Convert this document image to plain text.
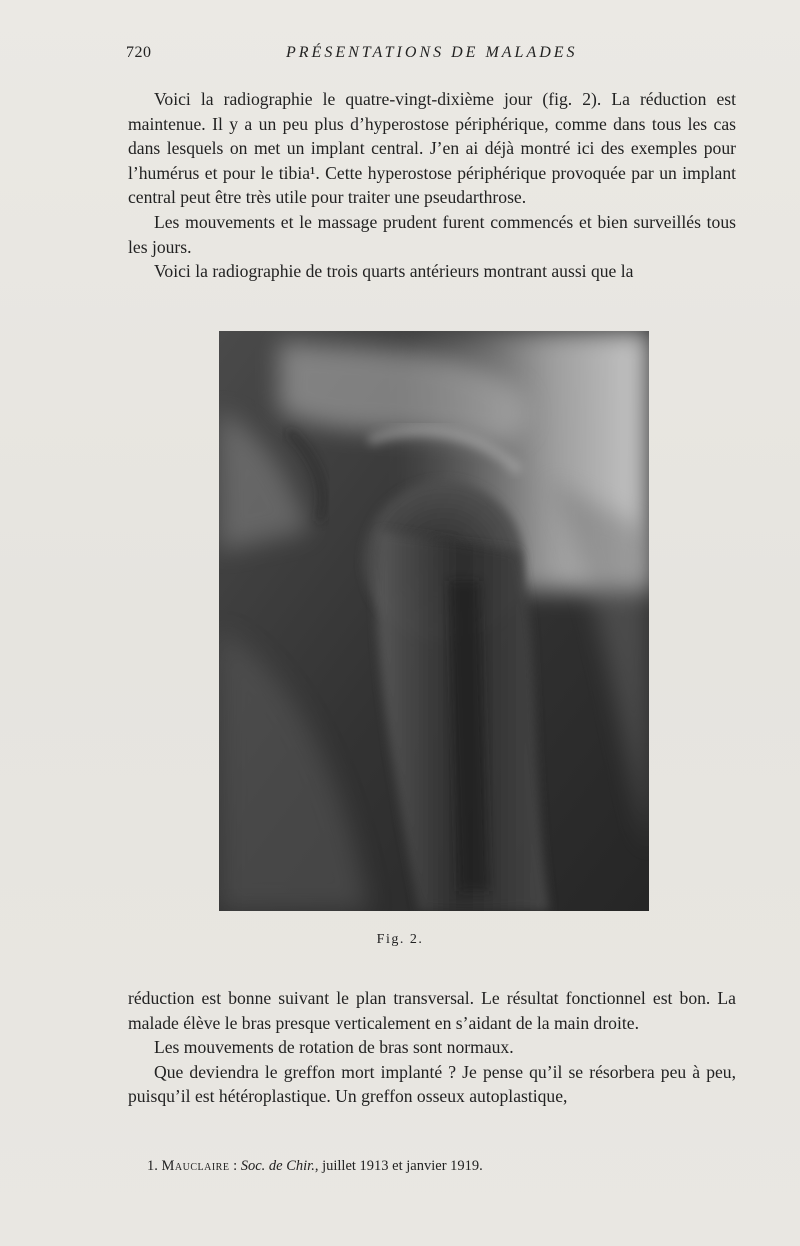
720	PRÉSENTATIONS DE MALADES

Voici la radiographie le quatre-vingt-dixième jour (fig. 2). La réduction est maintenue. Il y a un peu plus d’hyperostose périphérique, comme dans tous les cas dans lesquels on met un implant central. J’en ai déjà montré ici des exemples pour l’humérus et pour le tibia¹. Cette hyperostose périphérique provoquée par un implant central peut être très utile pour traiter une pseudarthrose.

Les mouvements et le massage prudent furent commencés et bien surveillés tous les jours.

Voici la radiographie de trois quarts antérieurs montrant aussi que la

Fig. 2.

réduction est bonne suivant le plan transversal. Le résultat fonctionnel est bon. La malade élève le bras presque verticalement en s’aidant de la main droite.

Les mouvements de rotation de bras sont normaux.

Que deviendra le greffon mort implanté ? Je pense qu’il se résorbera peu à peu, puisqu’il est hétéroplastique. Un greffon osseux autoplastique,

1. Mauclaire : Soc. de Chir., juillet 1913 et janvier 1919.
